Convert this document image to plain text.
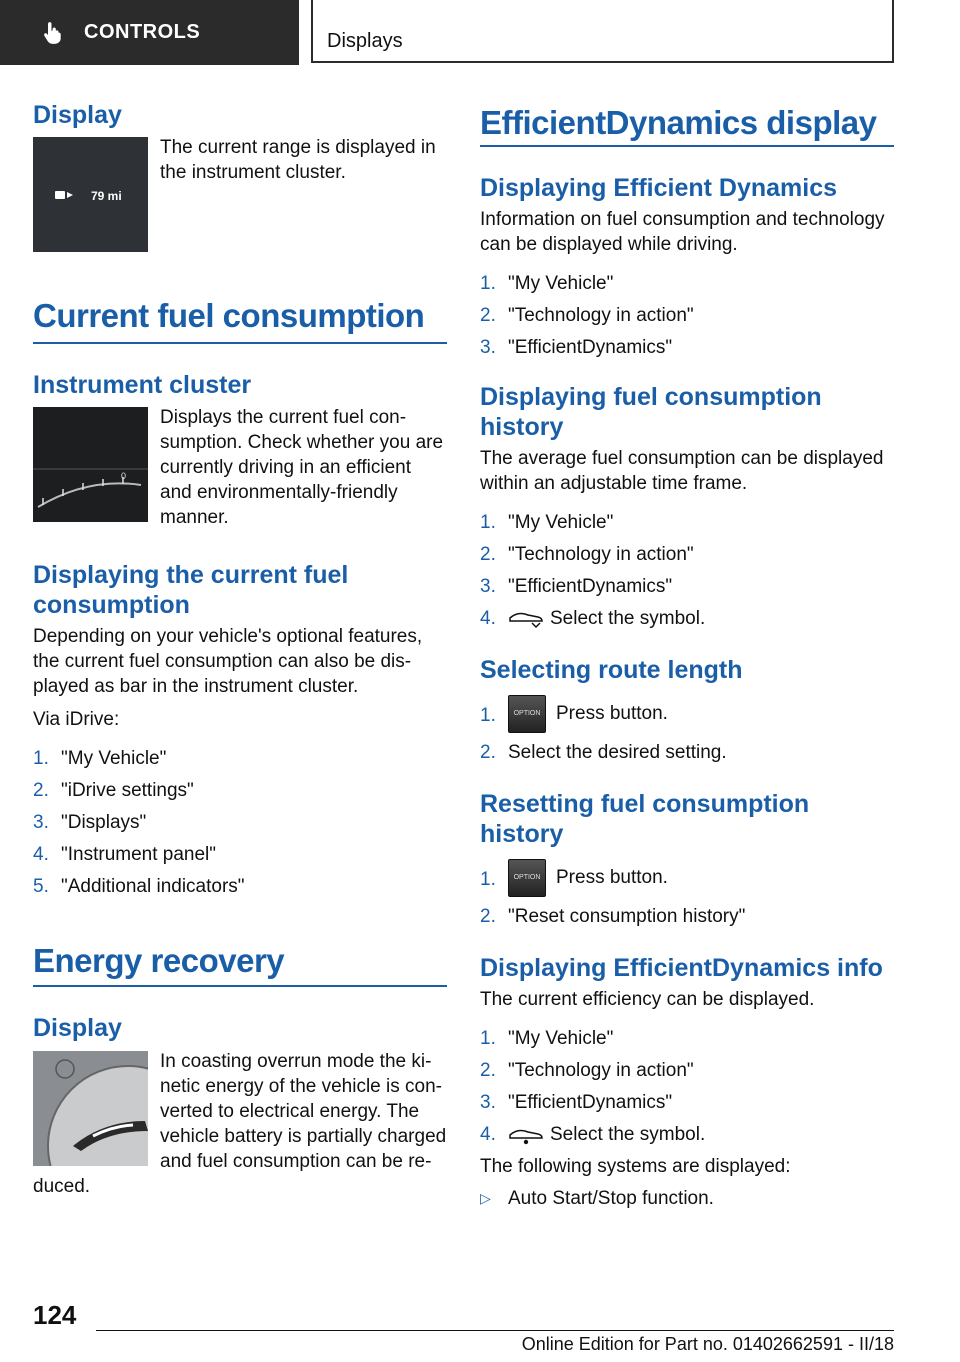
CONTROLS	Displays
Display
79 mi

The current range is displayed in the instrument cluster.

Current fuel consumption
Instrument cluster
0

Displays the current fuel con-sumption. Check whether you are currently driving in an efficient and environmentally-friendly manner.

Displaying the current fuel consumption

Depending on your vehicle's optional features, the current fuel consumption can also be dis-played as bar in the instrument cluster.

Via iDrive:

1. "My Vehicle"
2. "iDrive settings"
3. "Displays"
4. "Instrument panel"
5. "Additional indicators"
Energy recovery
Display

In coasting overrun mode the ki-netic energy of the vehicle is con-verted to electrical energy. The vehicle battery is partially charged and fuel consumption can be re-duced.

EfficientDynamics display
Displaying Efficient Dynamics

Information on fuel consumption and technology can be displayed while driving.

1. "My Vehicle"
2. "Technology in action"
3. "EfficientDynamics"
Displaying fuel consumption history

The average fuel consumption can be displayed within an adjustable time frame.

1. "My Vehicle"
2. "Technology in action"
3. "EfficientDynamics"
4.	Select the symbol.
Selecting route length
1.	OPTION Press button.
2. Select the desired setting.
Resetting fuel consumption history
1.	OPTION Press button.
2. "Reset consumption history"
Displaying EfficientDynamics info

The current efficiency can be displayed.

1. "My Vehicle"
2. "Technology in action"
3. "EfficientDynamics"
4.	Select the symbol.

The following systems are displayed:

▷ Auto Start/Stop function.
124
Online Edition for Part no. 01402662591 - II/18
